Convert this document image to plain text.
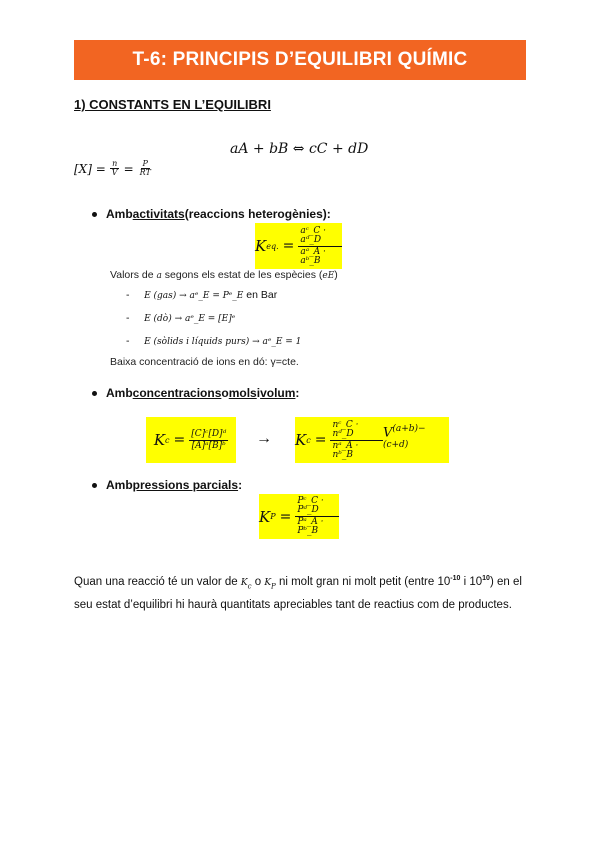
T-6: PRINCIPIS D’EQUILIBRI QUÍMIC
1) CONSTANTS EN L’EQUILIBRI
aA + bB ⇔ cC + dD
$[X] = \frac{n}{V} = \frac{P}{RT}$
Amb activitats (reaccions heterogènies):
K eq. = $\frac{\text{aᶜ\_C · aᵈ\_D}}{\text{aᵃ\_A · aᵇ\_B}}$
Valors de a segons els estat de les espècies (eE)
- E (gas) → aᵉ_E = Pᵉ_E en Bar
- E (dò) → aᵉ_E = [E]ᵉ
- E (sòlids i líquids purs) → aᵉ_E = 1
Baixa concentració de ions en dó: γ=cte.
Amb concentracions o mols i volum :
K $c = \frac{\text{[C]ᶜ[D]ᵈ}}{\text{[A]ᵃ[B]ᵇ}} \to K$ $c = \frac{\text{nᶜ\_C · nᵈ\_D}}{\text{nᵃ\_A · nᵇ\_B}} V^{(a+b)-(c+d)}$
Amb pressions parcials :
K $P = \frac{\text{Pᶜ\_C · Pᵈ\_D}}{\text{Pᵃ\_A · Pᵇ\_B}}$
Quan una reacció té un valor de $K_c$ o $K_P$ ni molt gran ni molt petit (entre $10^{-10}$ i $10^{10}$) en el seu estat d’equilibri hi haurà quantitats apreciables tant de reactius com de productes.
